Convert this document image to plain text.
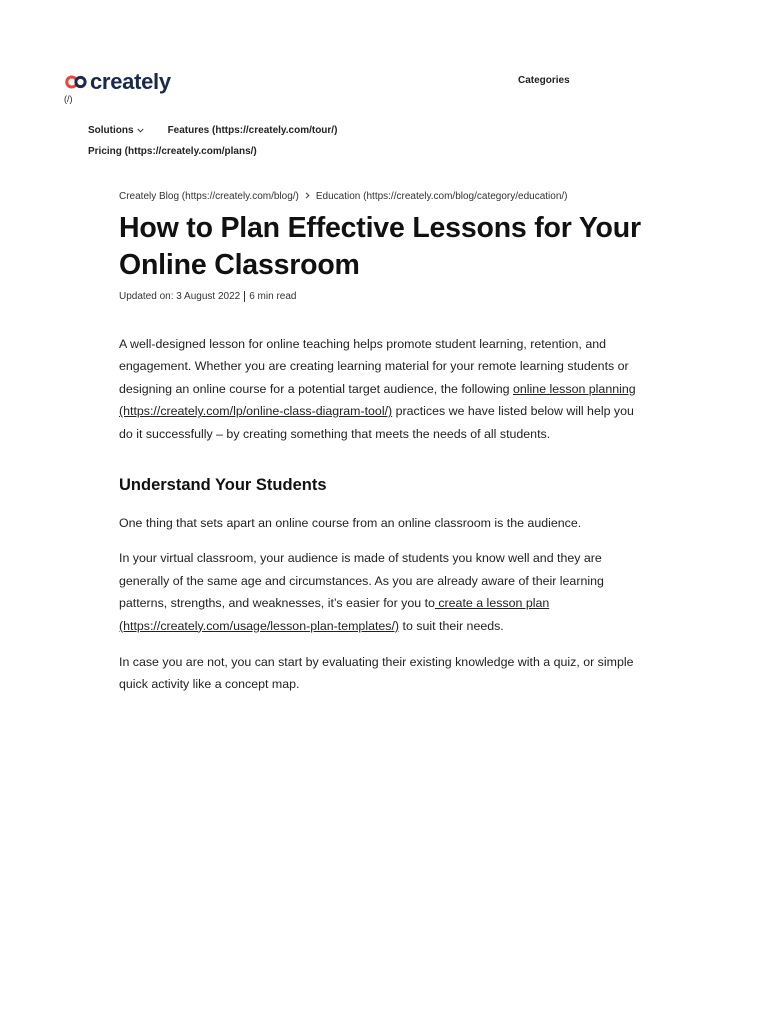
creately
(/)
Categories
Solutions	Features (https://creately.com/tour/)
Pricing (https://creately.com/plans/)
Creately Blog (https://creately.com/blog/) Education (https://creately.com/blog/category/education/)
How to Plan Effective Lessons for Your Online Classroom
Updated on: 3 August 2022 6 min read

A well-designed lesson for online teaching helps promote student learning, retention, and engagement. Whether you are creating learning material for your remote learning students or designing an online course for a potential target audience, the following online lesson planning (https://creately.com/lp/online-class-diagram-tool/) practices we have listed below will help you do it successfully – by creating something that meets the needs of all students.

Understand Your Students

One thing that sets apart an online course from an online classroom is the audience.

In your virtual classroom, your audience is made of students you know well and they are generally of the same age and circumstances. As you are already aware of their learning patterns, strengths, and weaknesses, it’s easier for you to create a lesson plan (https://creately.com/usage/lesson-plan-templates/) to suit their needs.

In case you are not, you can start by evaluating their existing knowledge with a quiz, or simple quick activity like a concept map.
